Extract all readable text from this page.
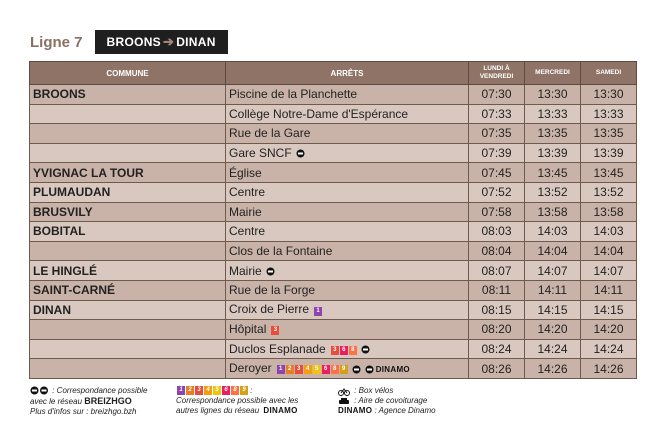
Ligne 7 BROONS ➔ DINAN
COMMUNE	ARRÊTS	LUNDI À VENDREDI	MERCREDI	SAMEDI
BROONS	Piscine de la Planchette	07:30	13:30	13:30
	Collège Notre-Dame d'Espérance	07:33	13:33	13:33
	Rue de la Gare	07:35	13:35	13:35
	Gare SNCF	07:39	13:39	13:39
YVIGNAC LA TOUR	Église	07:45	13:45	13:45
PLUMAUDAN	Centre	07:52	13:52	13:52
BRUSVILY	Mairie	07:58	13:58	13:58
BOBITAL	Centre	08:03	14:03	14:03
	Clos de la Fontaine	08:04	14:04	14:04
LE HINGLÉ	Mairie	08:07	14:07	14:07
SAINT-CARNÉ	Rue de la Forge	08:11	14:11	14:11
DINAN	Croix de Pierre 1	08:15	14:15	14:15
	Hôpital 3	08:20	14:20	14:20
	Duclos Esplanade 3 6 8	08:24	14:24	14:24
	Deroyer 1 2 3 4 5 6 8 9 DINAMO	08:26	14:26	14:26
: Correspondance possible
avec le réseau BREIZHGO
Plus d'infos sur : breizhgo.bzh
1 2 3 4 5 6 8 9 :
Correspondance possible avec les
autres lignes du réseau DINAMO
: Box vélos
: Aire de covoiturage
DINAMO : Agence Dinamo
